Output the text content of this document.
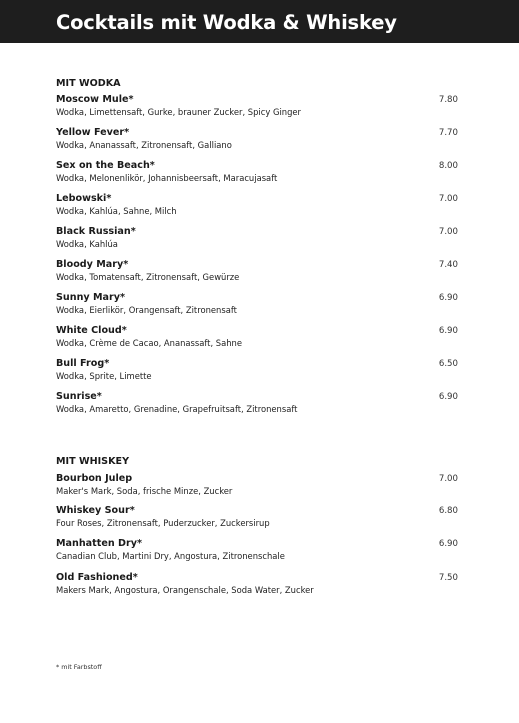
Cocktails mit Wodka & Whiskey
MIT WODKA
Moscow Mule*
Wodka, Limettensaft, Gurke, brauner Zucker, Spicy Ginger
7.80
Yellow Fever*
Wodka, Ananassaft, Zitronensaft, Galliano
7.70
Sex on the Beach*
Wodka, Melonenlikör, Johannisbeersaft, Maracujasaft
8.00
Lebowski*
Wodka, Kahlúa, Sahne, Milch
7.00
Black Russian*
Wodka, Kahlúa
7.00
Bloody Mary*
Wodka, Tomatensaft, Zitronensaft, Gewürze
7.40
Sunny Mary*
Wodka, Eierlikör, Orangensaft, Zitronensaft
6.90
White Cloud*
Wodka, Crème de Cacao, Ananassaft, Sahne
6.90
Bull Frog*
Wodka, Sprite, Limette
6.50
Sunrise*
Wodka, Amaretto, Grenadine, Grapefruitsaft, Zitronensaft
6.90
MIT WHISKEY
Bourbon Julep
Maker's Mark, Soda, frische Minze, Zucker
7.00
Whiskey Sour*
Four Roses, Zitronensaft, Puderzucker, Zuckersirup
6.80
Manhatten Dry*
Canadian Club, Martini Dry, Angostura, Zitronenschale
6.90
Old Fashioned*
Makers Mark, Angostura, Orangenschale, Soda Water, Zucker
7.50
* mit Farbstoff
